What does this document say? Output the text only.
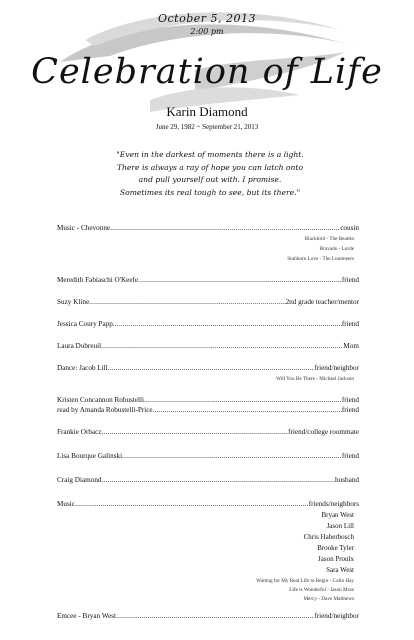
October 5, 2013
2:00 pm
Celebration of Life
Karin Diamond
June 29, 1982 ~ September 21, 2013
"Even in the darkest of moments there is a light.
There is always a ray of hope you can latch onto
and pull yourself out with. I promise.
Sometimes its real tough to see, but its there."
Music - Chevonne .....	cousin
Blackbird - The Beatles
Bravado - Lorde
Stubborn Love - The Lumineers
Meredith Fabiaschi O'Keefe .....	friend
Suzy Kline .....	2nd grade teacher/mentor
Jessica Coury Papp .....	friend
Laura Dubreuil .....	Mom
Dance: Jacob Lill .....	friend/neighbor
Will You Be There - Michael Jackson
Kristen Concannon Robustelli .....	friend
read by Amanda Robustelli-Price .....	friend
Frankie Orbacz .....	friend/college roommate
Lisa Bourque Galinski .....	friend
Craig Diamond .....	husband
Music .....	friends/neighbors
Bryan West
Jason Lill
Chris Haberbosch
Brooke Tyler
Jason Proulx
Sara West
Waiting for My Real Life to Begin - Colin Hay
Life is Wonderful - Jason Mraz
Mercy - Dave Matthews
Emcee - Bryan West .....	friend/neighbor
